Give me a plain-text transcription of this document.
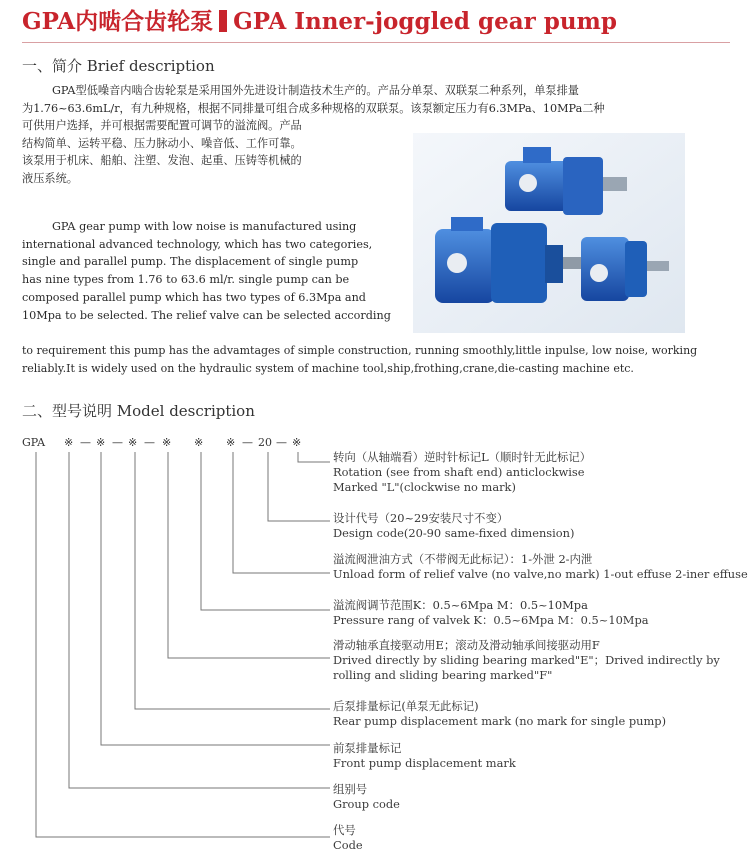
GPA内啮合齿轮泵 GPA Inner-joggled gear pump
一、简介 Brief description
GPA型低噪音内啮合齿轮泵是采用国外先进设计制造技术生产的。产品分单泵、双联泵二种系列，单泵排量
为1.76~63.6mL/r，有九种规格，根据不同排量可组合成多种规格的双联泵。该泵额定压力有6.3MPa、10MPa二种
可供用户选择，并可根据需要配置可调节的溢流阀。产品
结构简单、运转平稳、压力脉动小、噪音低、工作可靠。
该泵用于机床、船舶、注塑、发泡、起重、压铸等机械的
液压系统。
GPA gear pump with low noise is manufactured using
international advanced technology, which has two categories,
single and parallel pump. The displacement of single pump
has nine types from 1.76 to 63.6 ml/r. single pump can be
composed parallel pump which has two types of 6.3Mpa and
10Mpa to be selected. The relief valve can be selected according
to requirement this pump has the advamtages of simple construction, running smoothly,little inpulse, low noise, working
reliably.It is widely used on the hydraulic system of machine tool,ship,frothing,crane,die-casting machine etc.
二、型号说明 Model description
GPA ※ — ※ — ※ — ※ ※ ※ — 20 — ※
转向（从轴端看）逆时针标记L（顺时针无此标记）
Rotation (see from shaft end) anticlockwise
Marked "L"(clockwise no mark)
设计代号（20~29安装尺寸不变）
Design code(20-90 same-fixed dimension)
溢流阀泄油方式（不带阀无此标记）：1-外泄 2-内泄
Unload form of relief valve (no valve,no mark) 1-out effuse 2-iner effuse
溢流阀调节范围K：0.5~6Mpa M：0.5~10Mpa
Pressure rang of valvek K：0.5~6Mpa M：0.5~10Mpa
滑动轴承直接驱动用E；滚动及滑动轴承间接驱动用F
Drived directly by sliding bearing marked"E"；Drived indirectly by rolling and sliding bearing marked"F"
后泵排量标记(单泵无此标记)
Rear pump displacement mark (no mark for single pump)
前泵排量标记
Front pump displacement mark
组别号
Group code
代号
Code
